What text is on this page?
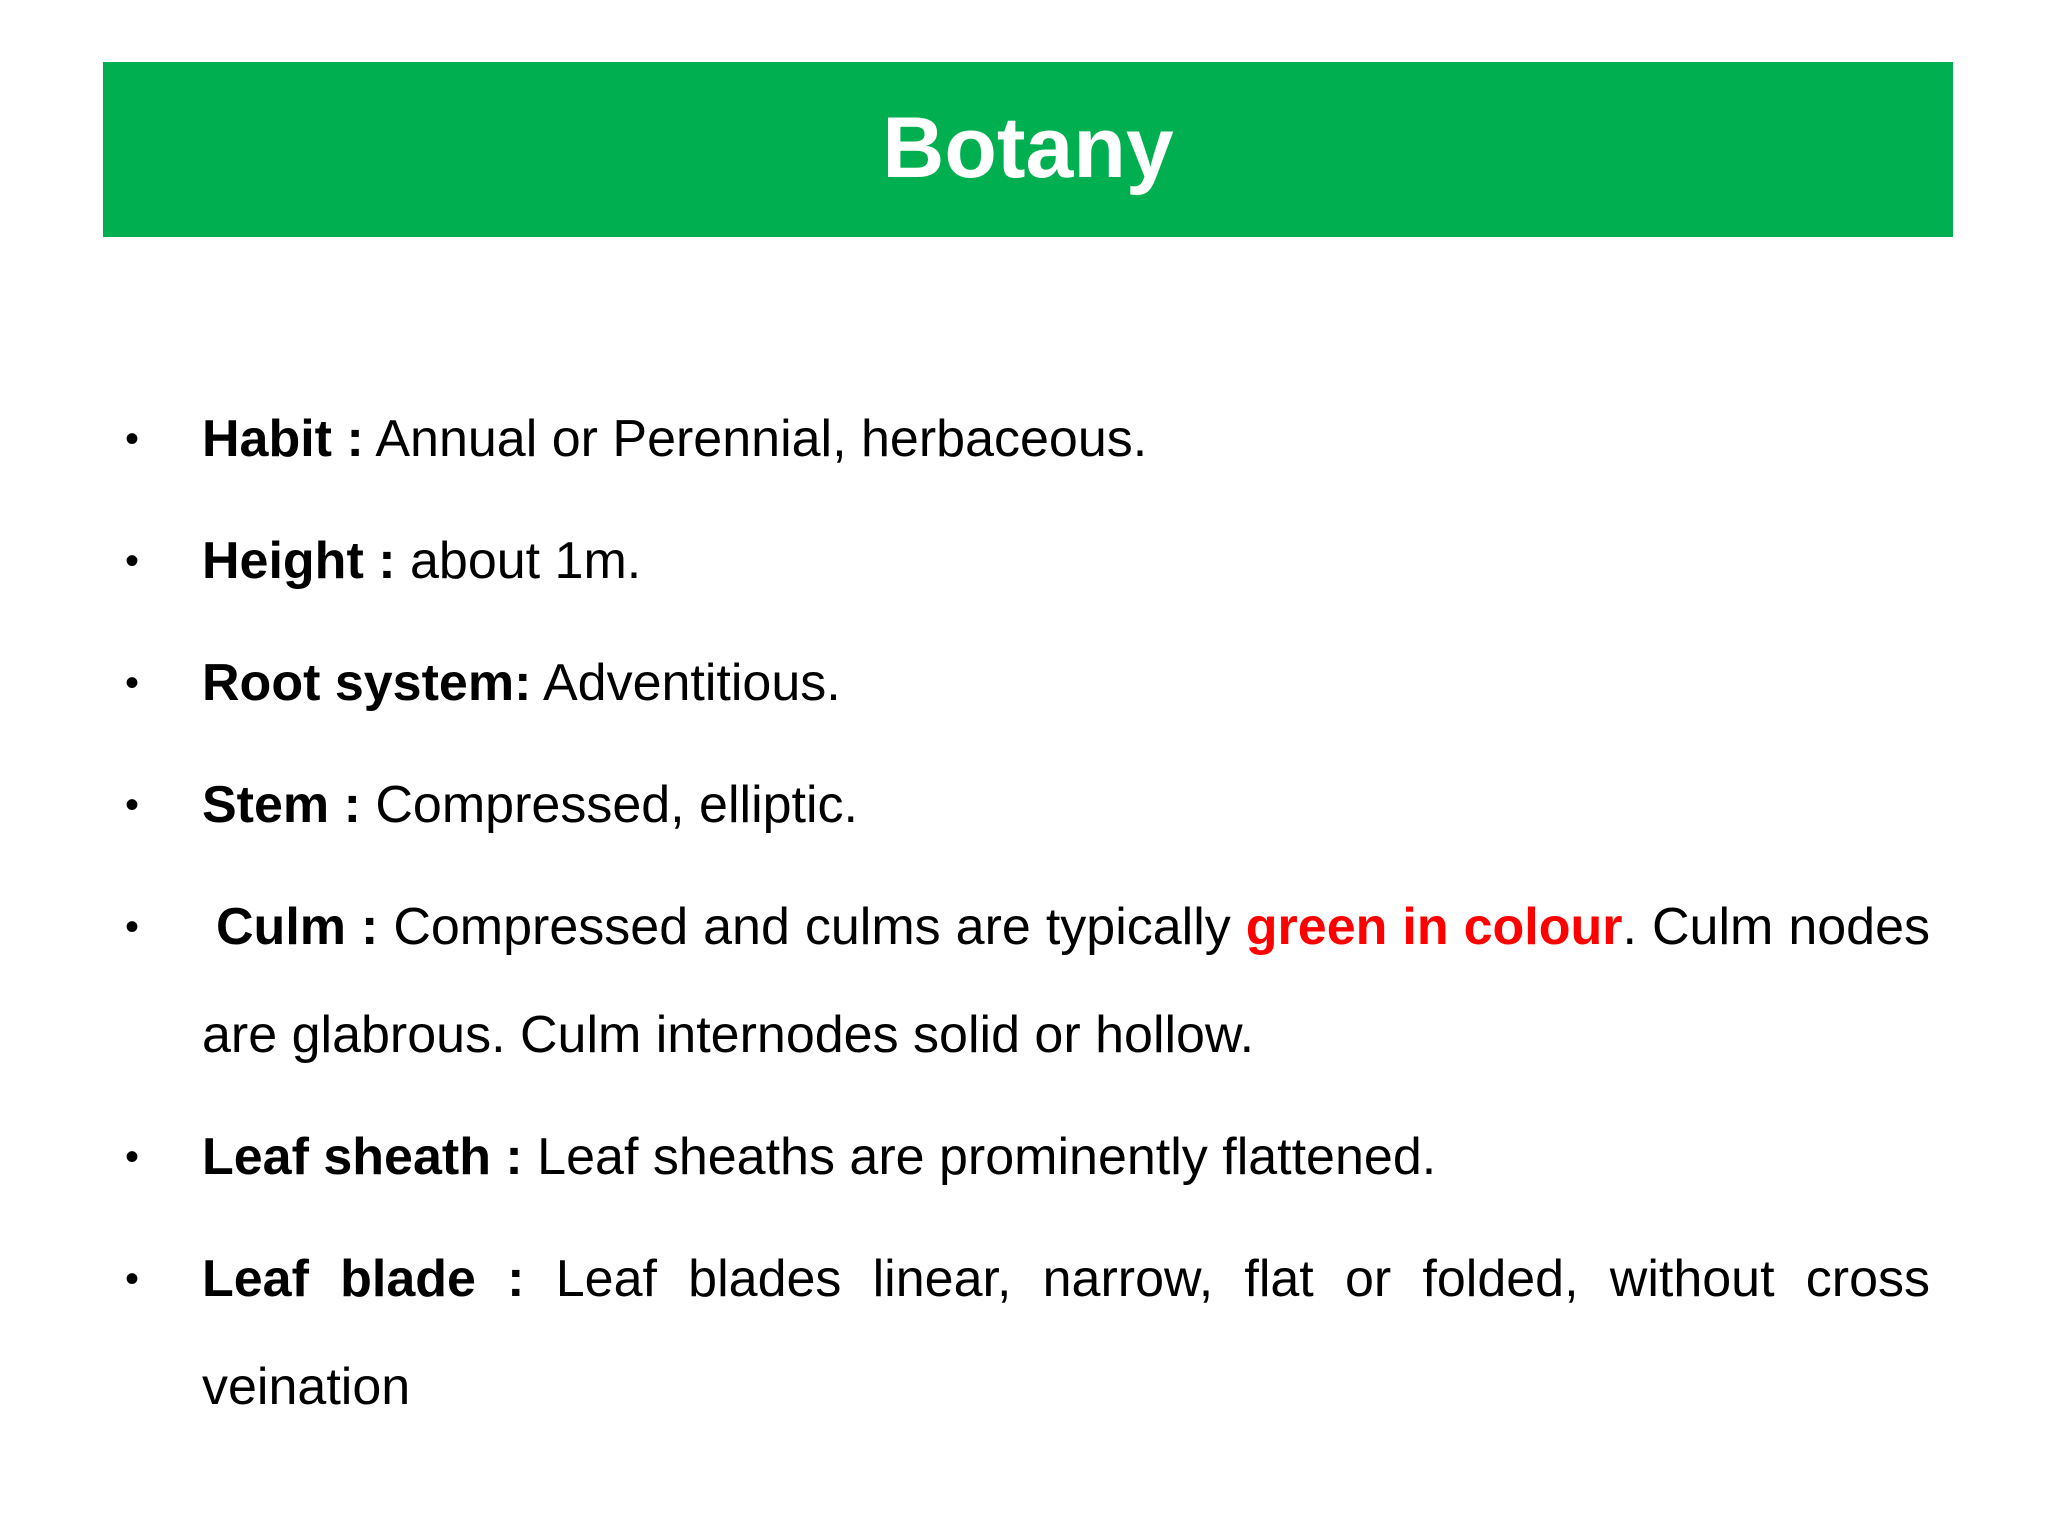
Botany
• Habit : Annual or Perennial, herbaceous.
• Height : about 1m.
• Root system: Adventitious.
• Stem : Compressed, elliptic.
• Culm : Compressed and culms are typically green in colour. Culm nodes are glabrous. Culm internodes solid or hollow.
• Leaf sheath : Leaf sheaths are prominently flattened.
• Leaf blade : Leaf blades linear, narrow, flat or folded, without cross veination
